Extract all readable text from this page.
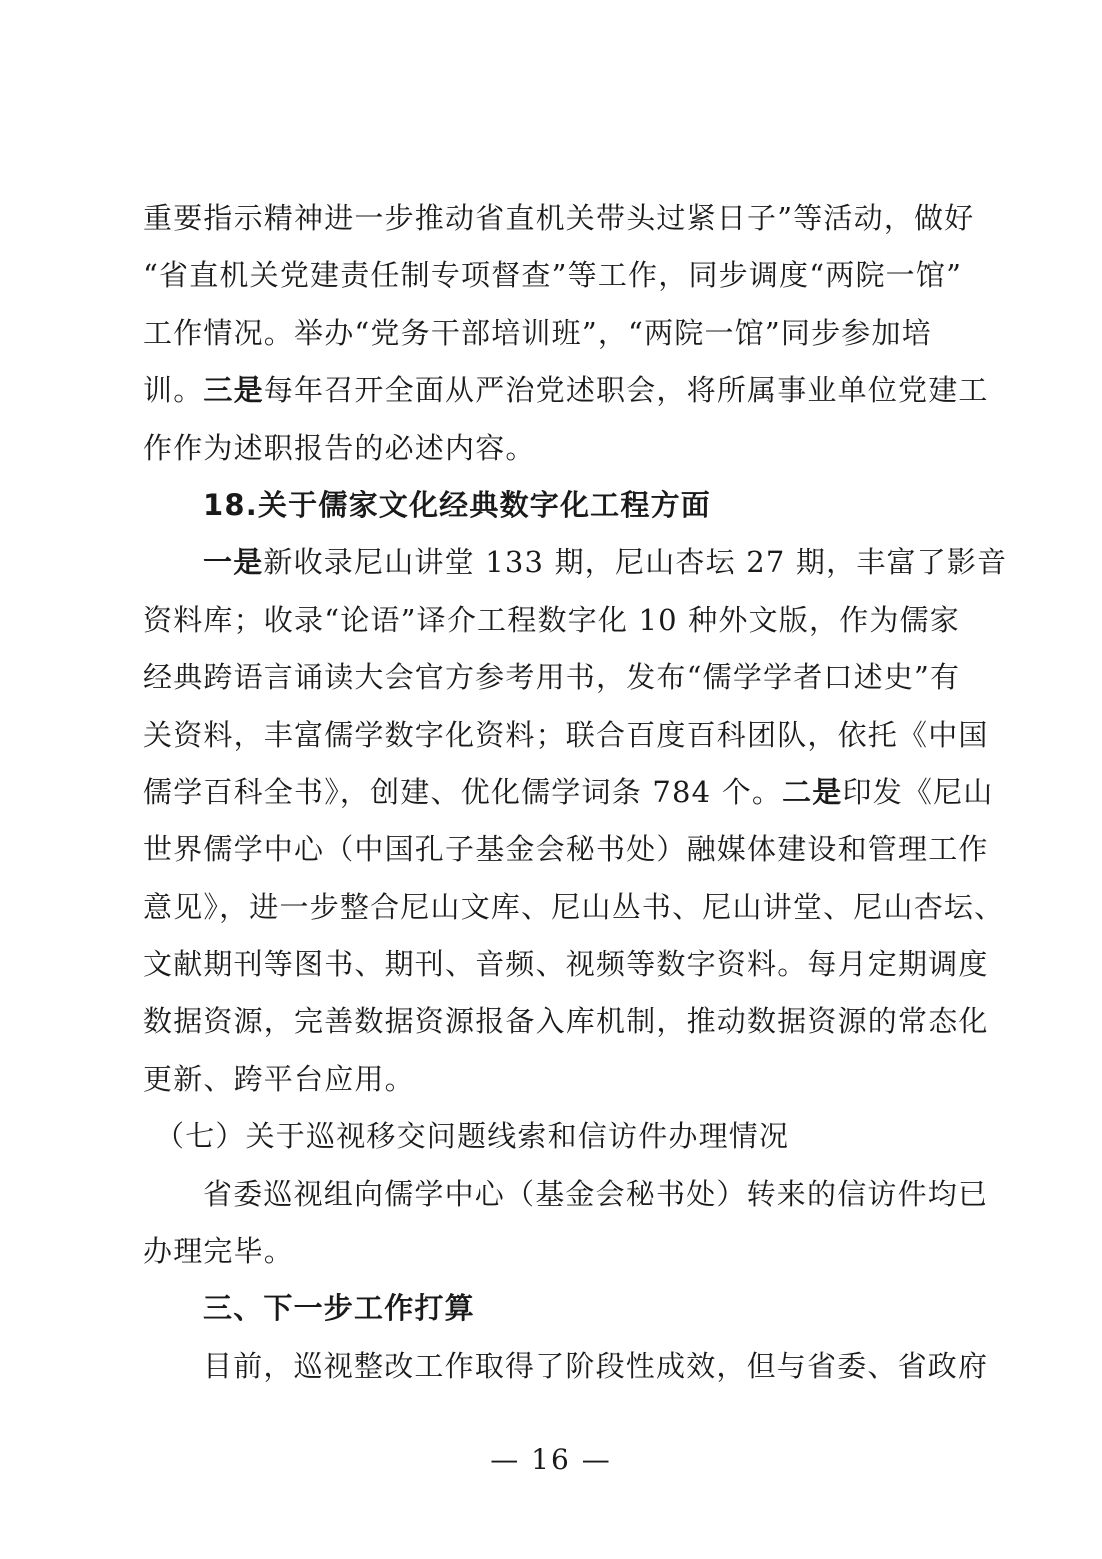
重要指示精神进一步推动省直机关带头过紧日子”等活动，做好
“省直机关党建责任制专项督查”等工作，同步调度“两院一馆”
工作情况。举办“党务干部培训班”，“两院一馆”同步参加培
训。三是每年召开全面从严治党述职会，将所属事业单位党建工
作作为述职报告的必述内容。
18.关于儒家文化经典数字化工程方面
一是新收录尼山讲堂 133 期，尼山杏坛 27 期，丰富了影音
资料库；收录“论语”译介工程数字化 10 种外文版，作为儒家
经典跨语言诵读大会官方参考用书，发布“儒学学者口述史”有
关资料，丰富儒学数字化资料；联合百度百科团队，依托《中国
儒学百科全书》，创建、优化儒学词条 784 个。二是印发《尼山
世界儒学中心（中国孔子基金会秘书处）融媒体建设和管理工作
意见》，进一步整合尼山文库、尼山丛书、尼山讲堂、尼山杏坛、
文献期刊等图书、期刊、音频、视频等数字资料。每月定期调度
数据资源，完善数据资源报备入库机制，推动数据资源的常态化
更新、跨平台应用。
（七）关于巡视移交问题线索和信访件办理情况
省委巡视组向儒学中心（基金会秘书处）转来的信访件均已
办理完毕。
三、下一步工作打算
目前，巡视整改工作取得了阶段性成效，但与省委、省政府
— 16 —
